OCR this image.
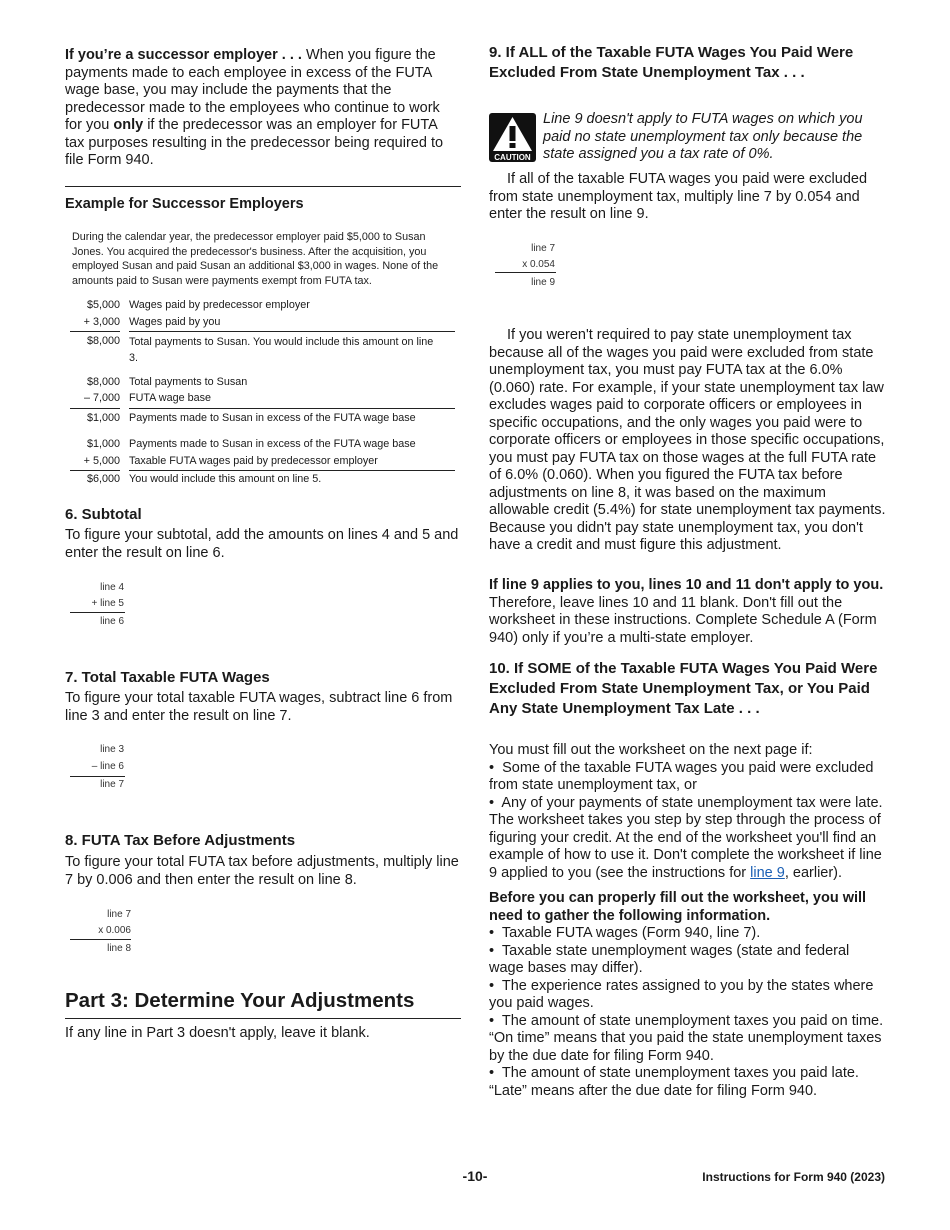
If you’re a successor employer . . . When you figure the payments made to each employee in excess of the FUTA wage base, you may include the payments that the predecessor made to the employees who continue to work for you only if the predecessor was an employer for FUTA tax purposes resulting in the predecessor being required to file Form 940.
Example for Successor Employers
During the calendar year, the predecessor employer paid $5,000 to Susan Jones. You acquired the predecessor's business. After the acquisition, you employed Susan and paid Susan an additional $3,000 in wages. None of the amounts paid to Susan were payments exempt from FUTA tax.
$5,000 Wages paid by predecessor employer
+ 3,000 Wages paid by you
$8,000 Total payments to Susan. You would include this amount on line 3.
$8,000 Total payments to Susan
– 7,000 FUTA wage base
$1,000 Payments made to Susan in excess of the FUTA wage base
$1,000 Payments made to Susan in excess of the FUTA wage base
+ 5,000 Taxable FUTA wages paid by predecessor employer
$6,000 You would include this amount on line 5.
6. Subtotal
To figure your subtotal, add the amounts on lines 4 and 5 and enter the result on line 6.
line 4
+ line 5
line 6
7. Total Taxable FUTA Wages
To figure your total taxable FUTA wages, subtract line 6 from line 3 and enter the result on line 7.
line 3
– line 6
line 7
8. FUTA Tax Before Adjustments
To figure your total FUTA tax before adjustments, multiply line 7 by 0.006 and then enter the result on line 8.
line 7
x 0.006
line 8
Part 3: Determine Your Adjustments
If any line in Part 3 doesn't apply, leave it blank.
9. If ALL of the Taxable FUTA Wages You Paid Were Excluded From State Unemployment Tax . . .
CAUTION
Line 9 doesn't apply to FUTA wages on which you paid no state unemployment tax only because the state assigned you a tax rate of 0%.
If all of the taxable FUTA wages you paid were excluded from state unemployment tax, multiply line 7 by 0.054 and enter the result on line 9.
line 7
x 0.054
line 9
If you weren't required to pay state unemployment tax because all of the wages you paid were excluded from state unemployment tax, you must pay FUTA tax at the 6.0% (0.060) rate. For example, if your state unemployment tax law excludes wages paid to corporate officers or employees in specific occupations, and the only wages you paid were to corporate officers or employees in those specific occupations, you must pay FUTA tax on those wages at the full FUTA rate of 6.0% (0.060). When you figured the FUTA tax before adjustments on line 8, it was based on the maximum allowable credit (5.4%) for state unemployment tax payments. Because you didn't pay state unemployment tax, you don't have a credit and must figure this adjustment.
If line 9 applies to you, lines 10 and 11 don't apply to you. Therefore, leave lines 10 and 11 blank. Don't fill out the worksheet in these instructions. Complete Schedule A (Form 940) only if you’re a multi-state employer.
10. If SOME of the Taxable FUTA Wages You Paid Were Excluded From State Unemployment Tax, or You Paid Any State Unemployment Tax Late . . .
You must fill out the worksheet on the next page if:
•  Some of the taxable FUTA wages you paid were excluded from state unemployment tax, or
•  Any of your payments of state unemployment tax were late.
The worksheet takes you step by step through the process of figuring your credit. At the end of the worksheet you'll find an example of how to use it. Don't complete the worksheet if line 9 applied to you (see the instructions for line 9, earlier).
Before you can properly fill out the worksheet, you will need to gather the following information.
•  Taxable FUTA wages (Form 940, line 7).
•  Taxable state unemployment wages (state and federal wage bases may differ).
•  The experience rates assigned to you by the states where you paid wages.
•  The amount of state unemployment taxes you paid on time. “On time” means that you paid the state unemployment taxes by the due date for filing Form 940.
•  The amount of state unemployment taxes you paid late. “Late” means after the due date for filing Form 940.
-10-	Instructions for Form 940 (2023)
